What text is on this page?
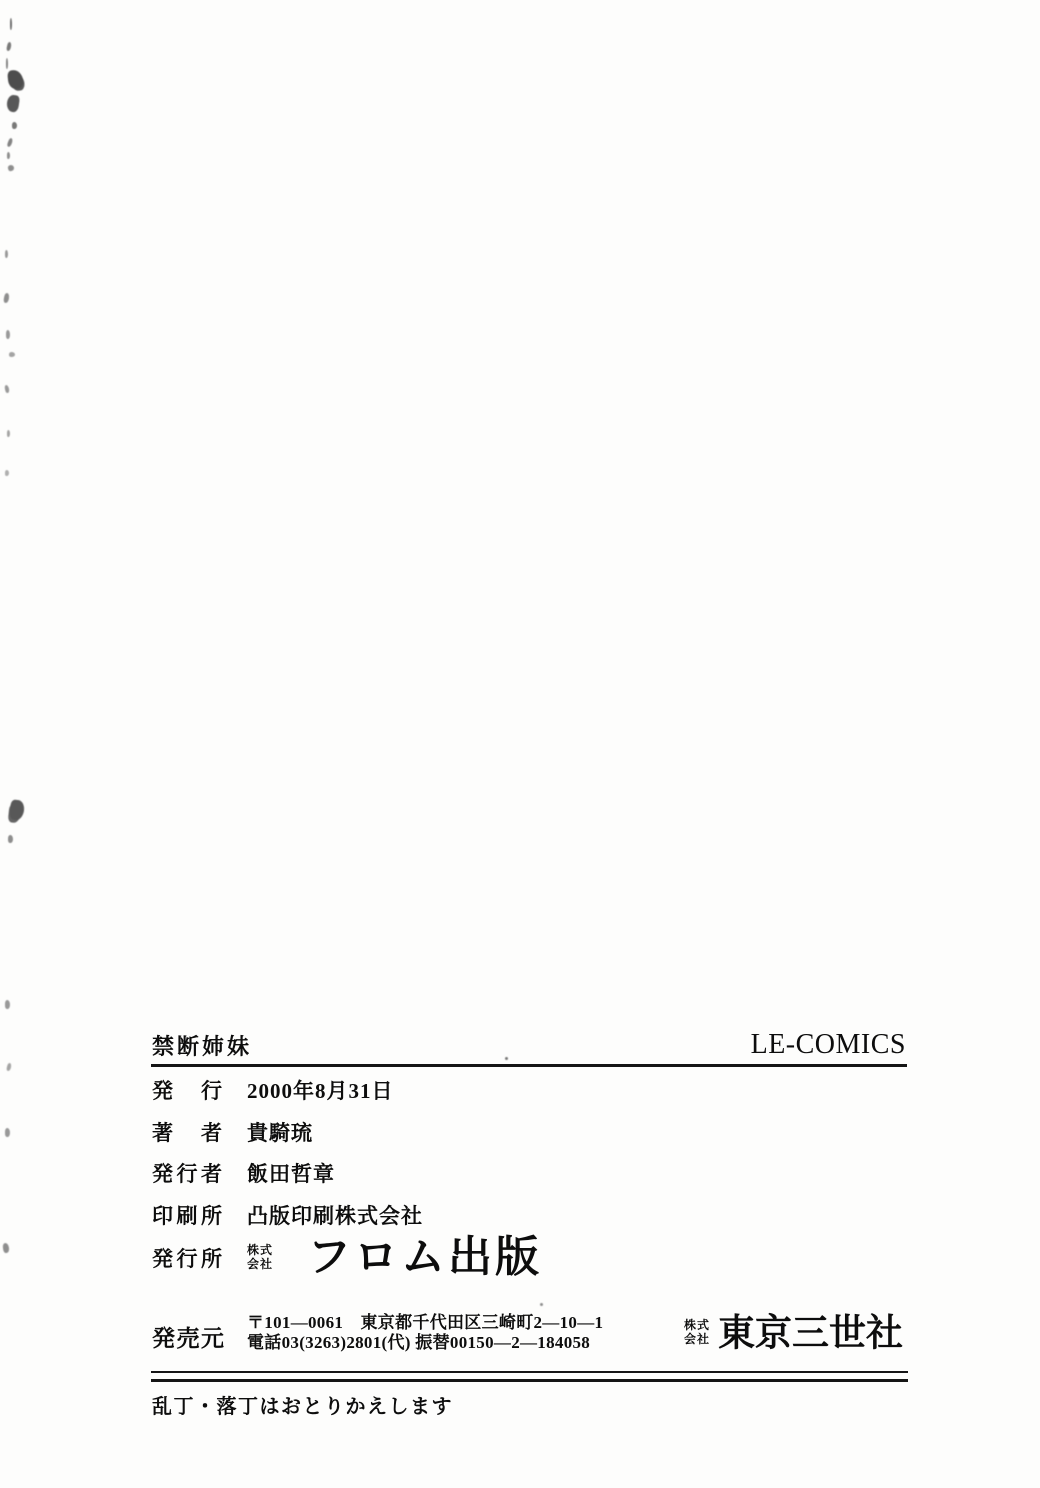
禁断姉妹	LE-COMICS
発行 2000年8月31日
著者 貴騎琉
発行者 飯田哲章
印刷所 凸版印刷株式会社
発行所 株式
会社 フロム出版
発売元
〒101—0061　東京都千代田区三崎町2—10—1
電話03(3263)2801(代) 振替00150—2—184058
株式
会社 東京三世社
乱丁・落丁はおとりかえします
